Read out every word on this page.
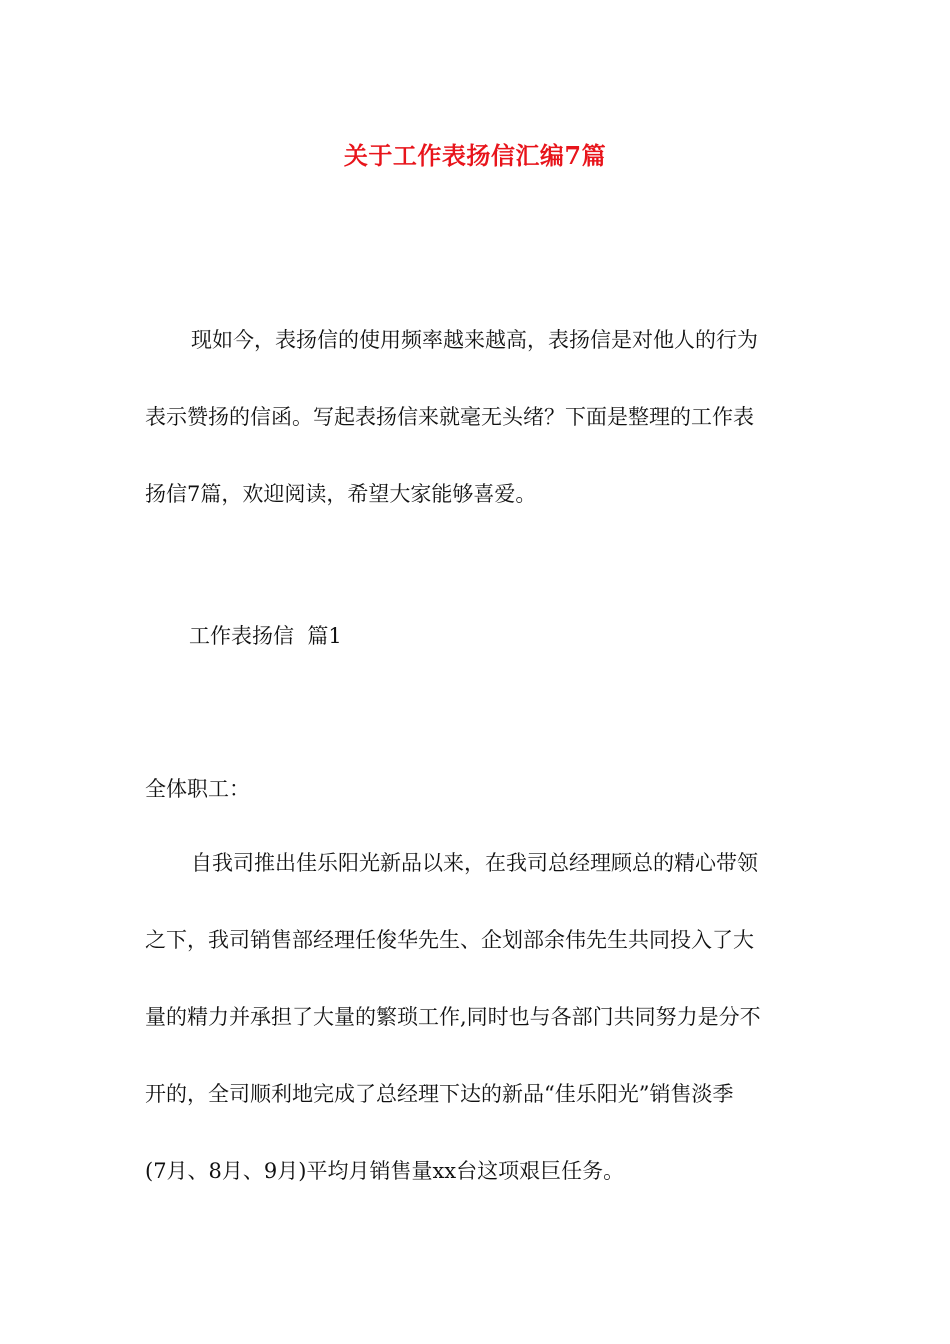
关于工作表扬信汇编7篇
现如今，表扬信的使用频率越来越高，表扬信是对他人的行为
表示赞扬的信函。写起表扬信来就毫无头绪？下面是整理的工作表
扬信7篇，欢迎阅读，希望大家能够喜爱。
工作表扬信  篇1
全体职工：
自我司推出佳乐阳光新品以来，在我司总经理顾总的精心带领
之下，我司销售部经理任俊华先生、企划部余伟先生共同投入了大
量的精力并承担了大量的繁琐工作,同时也与各部门共同努力是分不
开的，全司顺利地完成了总经理下达的新品“佳乐阳光”销售淡季
(7月、8月、9月)平均月销售量xx台这项艰巨任务。
